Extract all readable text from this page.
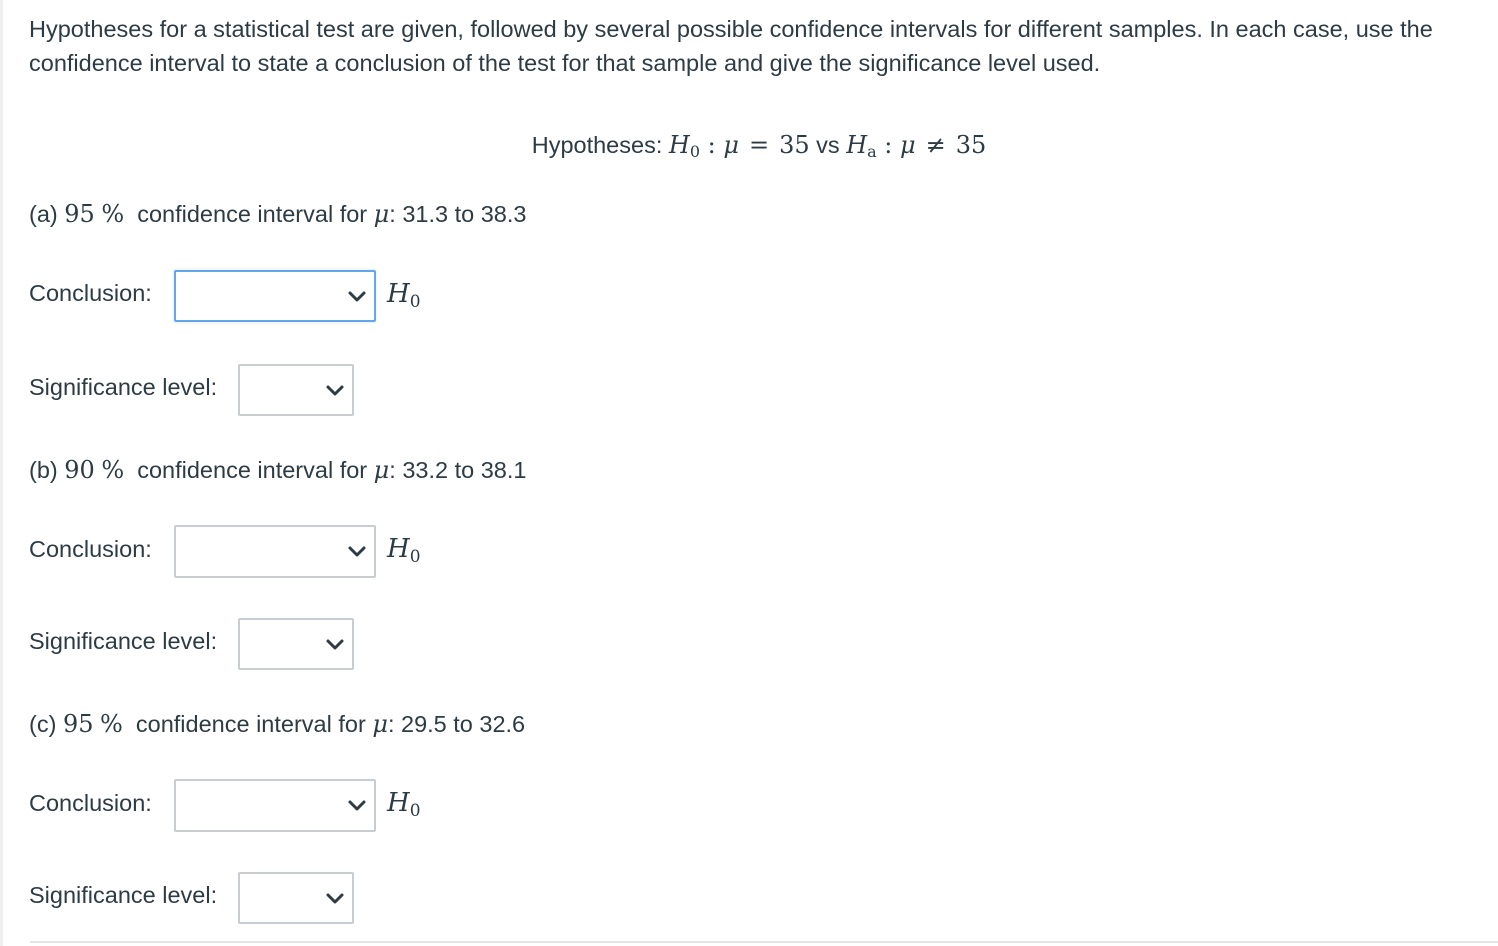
Hypotheses for a statistical test are given, followed by several possible confidence intervals for different samples. In each case, use the confidence interval to state a conclusion of the test for that sample and give the significance level used.

Hypotheses: $H_0$ : μ = 35 vs $H_a$ : μ ≠ 35
(a) 95 % confidence interval for μ: 31.3 to 38.3
Conclusion:	$H_0$
Significance level:
(b) 90 % confidence interval for μ: 33.2 to 38.1
Conclusion:	$H_0$
Significance level:
(c) 95 % confidence interval for μ: 29.5 to 32.6
Conclusion:	$H_0$
Significance level:
